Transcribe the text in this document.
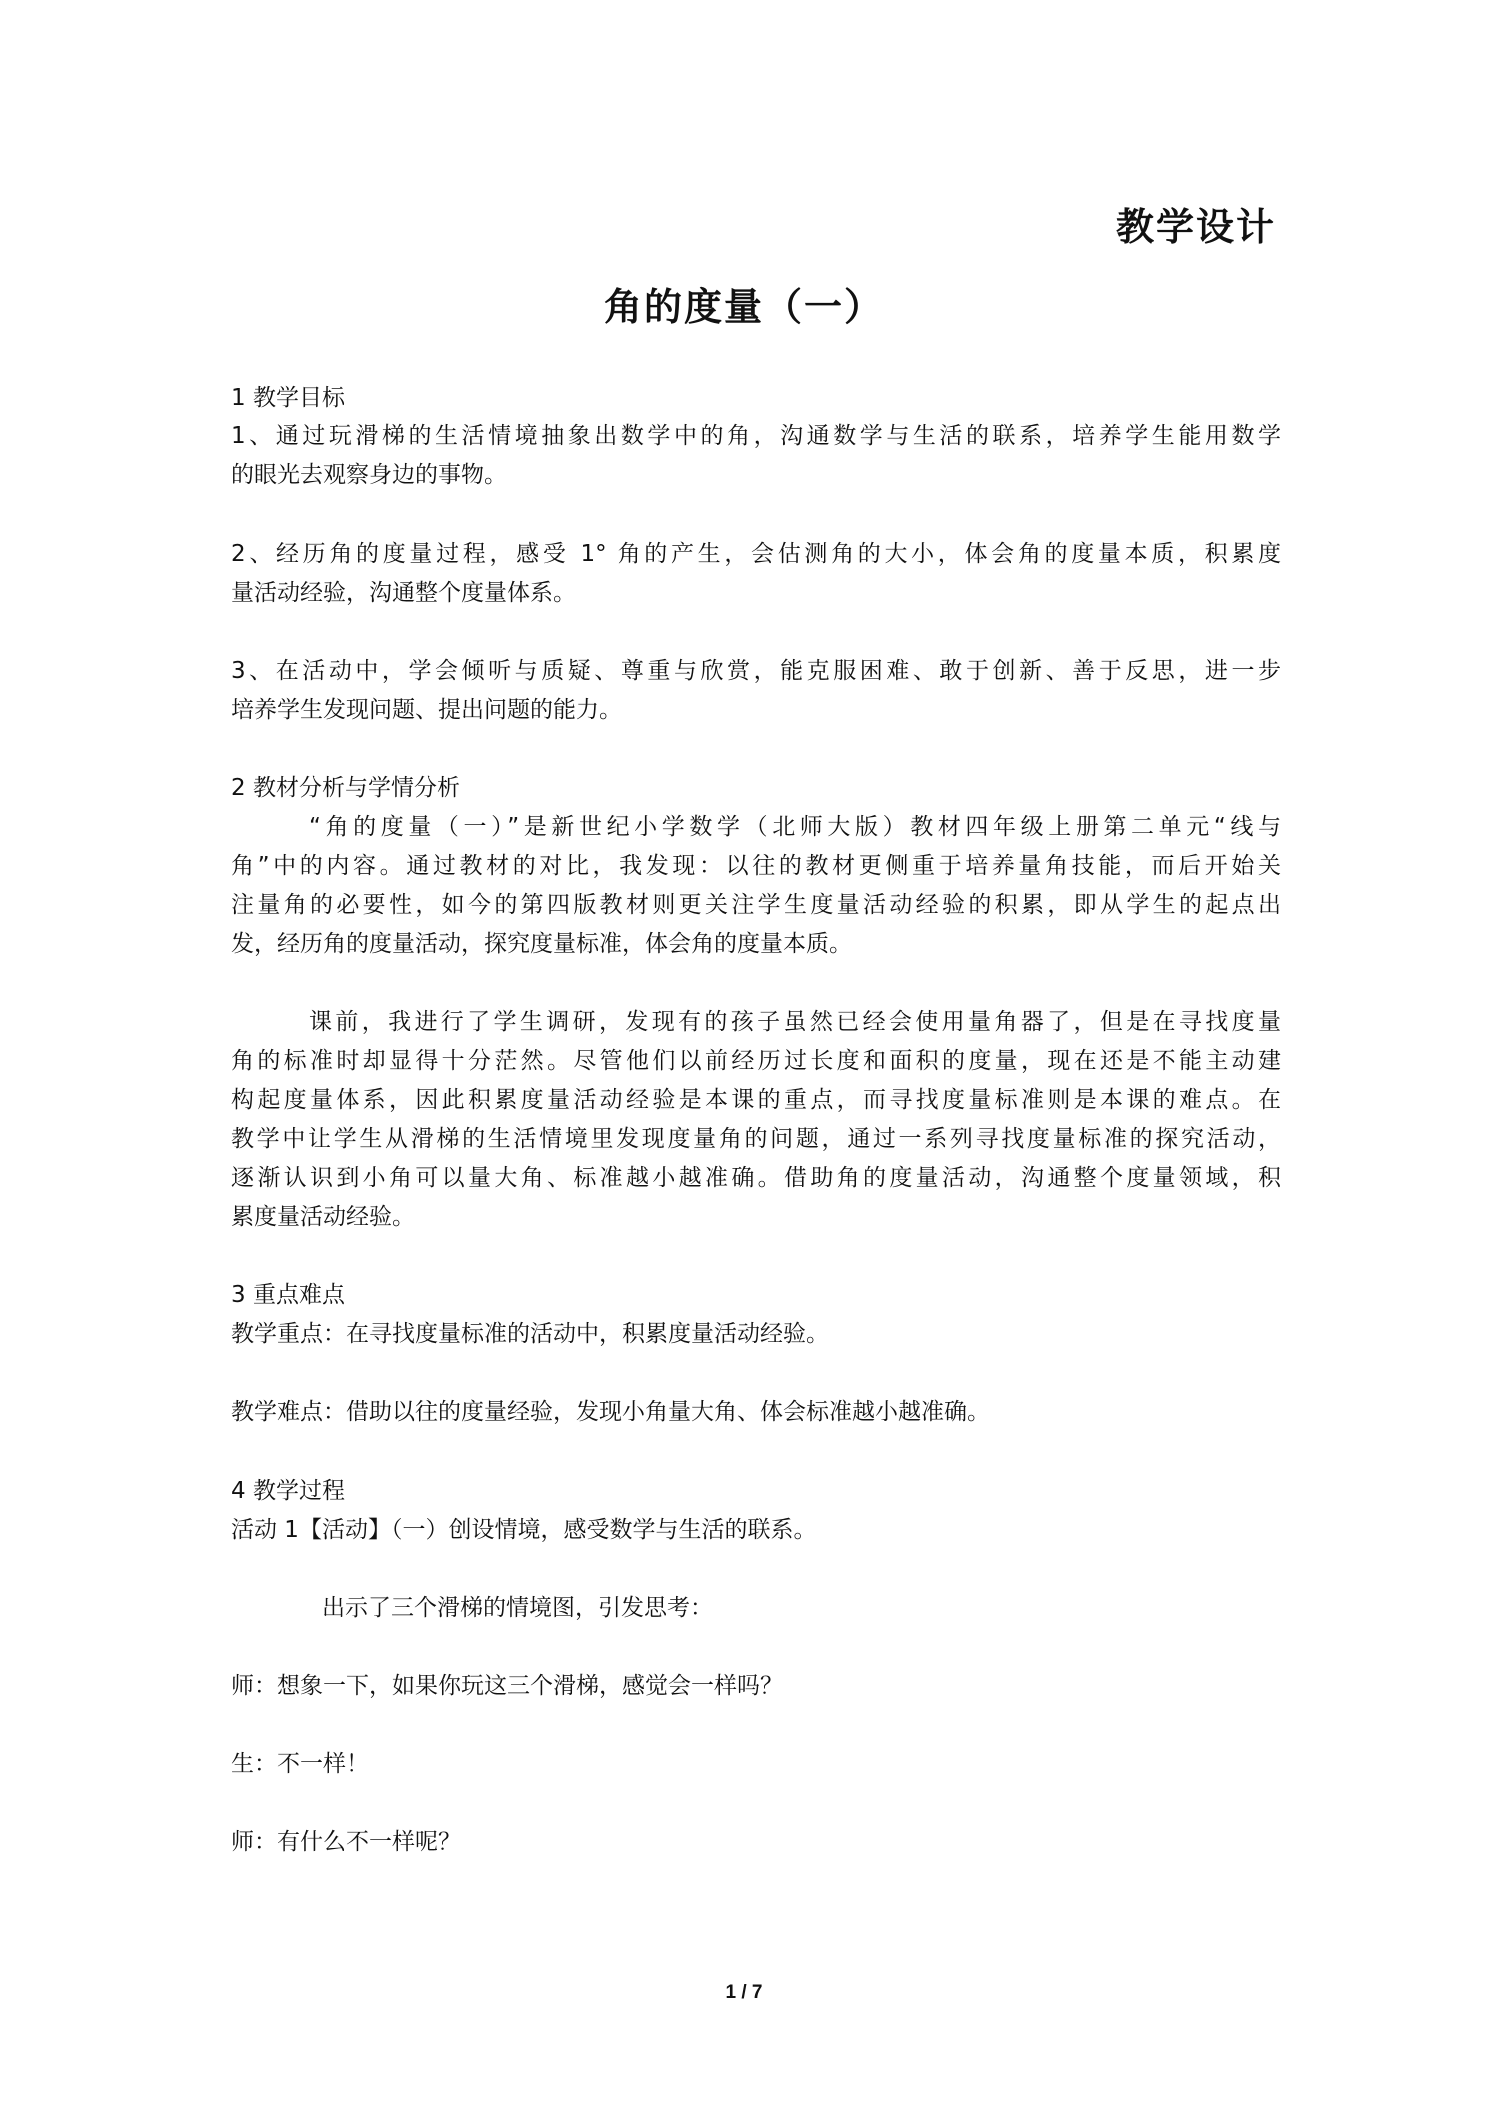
教学设计
角的度量（一）
1 教学目标
1、通过玩滑梯的生活情境抽象出数学中的角，沟通数学与生活的联系，培养学生能用数学
的眼光去观察身边的事物。
2、经历角的度量过程，感受 1° 角的产生，会估测角的大小，体会角的度量本质，积累度
量活动经验，沟通整个度量体系。
3、在活动中，学会倾听与质疑、尊重与欣赏，能克服困难、敢于创新、善于反思，进一步
培养学生发现问题、提出问题的能力。
2 教材分析与学情分析
“角的度量（一）”是新世纪小学数学（北师大版）教材四年级上册第二单元“线与
角”中的内容。通过教材的对比，我发现：以往的教材更侧重于培养量角技能，而后开始关
注量角的必要性，如今的第四版教材则更关注学生度量活动经验的积累，即从学生的起点出
发，经历角的度量活动，探究度量标准，体会角的度量本质。
课前，我进行了学生调研，发现有的孩子虽然已经会使用量角器了，但是在寻找度量
角的标准时却显得十分茫然。尽管他们以前经历过长度和面积的度量，现在还是不能主动建
构起度量体系，因此积累度量活动经验是本课的重点，而寻找度量标准则是本课的难点。在
教学中让学生从滑梯的生活情境里发现度量角的问题，通过一系列寻找度量标准的探究活动，
逐渐认识到小角可以量大角、标准越小越准确。借助角的度量活动，沟通整个度量领域，积
累度量活动经验。
3 重点难点
教学重点：在寻找度量标准的活动中，积累度量活动经验。
教学难点：借助以往的度量经验，发现小角量大角、体会标准越小越准确。
4 教学过程
活动 1【活动】（一）创设情境，感受数学与生活的联系。
出示了三个滑梯的情境图，引发思考：
师：想象一下，如果你玩这三个滑梯，感觉会一样吗？
生：不一样！
师：有什么不一样呢？
1 / 7
